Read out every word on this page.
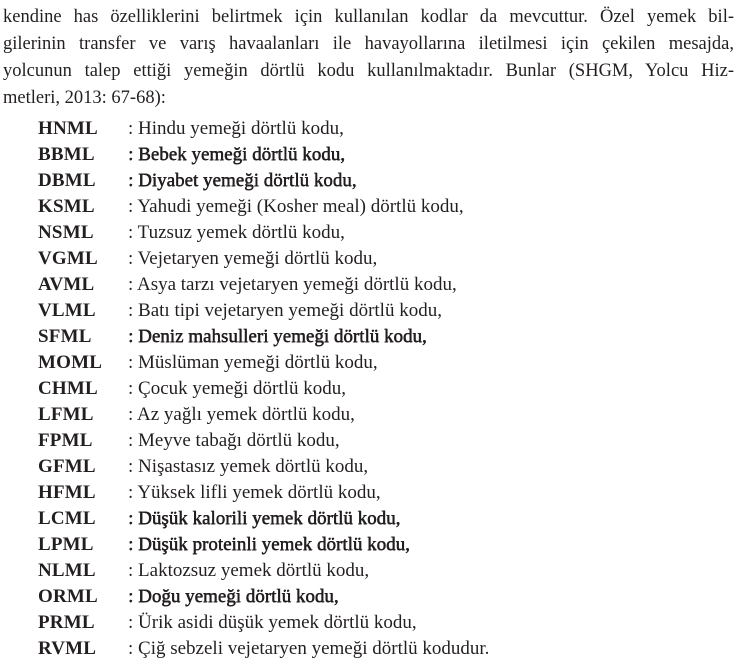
kendine has özelliklerini belirtmek için kullanılan kodlar da mevcuttur. Özel yemek bil-
gilerinin transfer ve varış havaalanları ile havayollarına iletilmesi için çekilen mesajda,
yolcunun talep ettiği yemeğin dörtlü kodu kullanılmaktadır. Bunlar (SHGM, Yolcu Hiz-
metleri, 2013: 67-68):
HNML	: Hindu yemeği dörtlü kodu,
BBML	: Bebek yemeği dörtlü kodu,
DBML	: Diyabet yemeği dörtlü kodu,
KSML	: Yahudi yemeği (Kosher meal) dörtlü kodu,
NSML	: Tuzsuz yemek dörtlü kodu,
VGML	: Vejetaryen yemeği dörtlü kodu,
AVML	: Asya tarzı vejetaryen yemeği dörtlü kodu,
VLML	: Batı tipi vejetaryen yemeği dörtlü kodu,
SFML	: Deniz mahsulleri yemeği dörtlü kodu,
MOML	: Müslüman yemeği dörtlü kodu,
CHML	: Çocuk yemeği dörtlü kodu,
LFML	: Az yağlı yemek dörtlü kodu,
FPML	: Meyve tabağı dörtlü kodu,
GFML	: Nişastasız yemek dörtlü kodu,
HFML	: Yüksek lifli yemek dörtlü kodu,
LCML	: Düşük kalorili yemek dörtlü kodu,
LPML	: Düşük proteinli yemek dörtlü kodu,
NLML	: Laktozsuz yemek dörtlü kodu,
ORML	: Doğu yemeği dörtlü kodu,
PRML	: Ürik asidi düşük yemek dörtlü kodu,
RVML	: Çiğ sebzeli vejetaryen yemeği dörtlü kodudur.
